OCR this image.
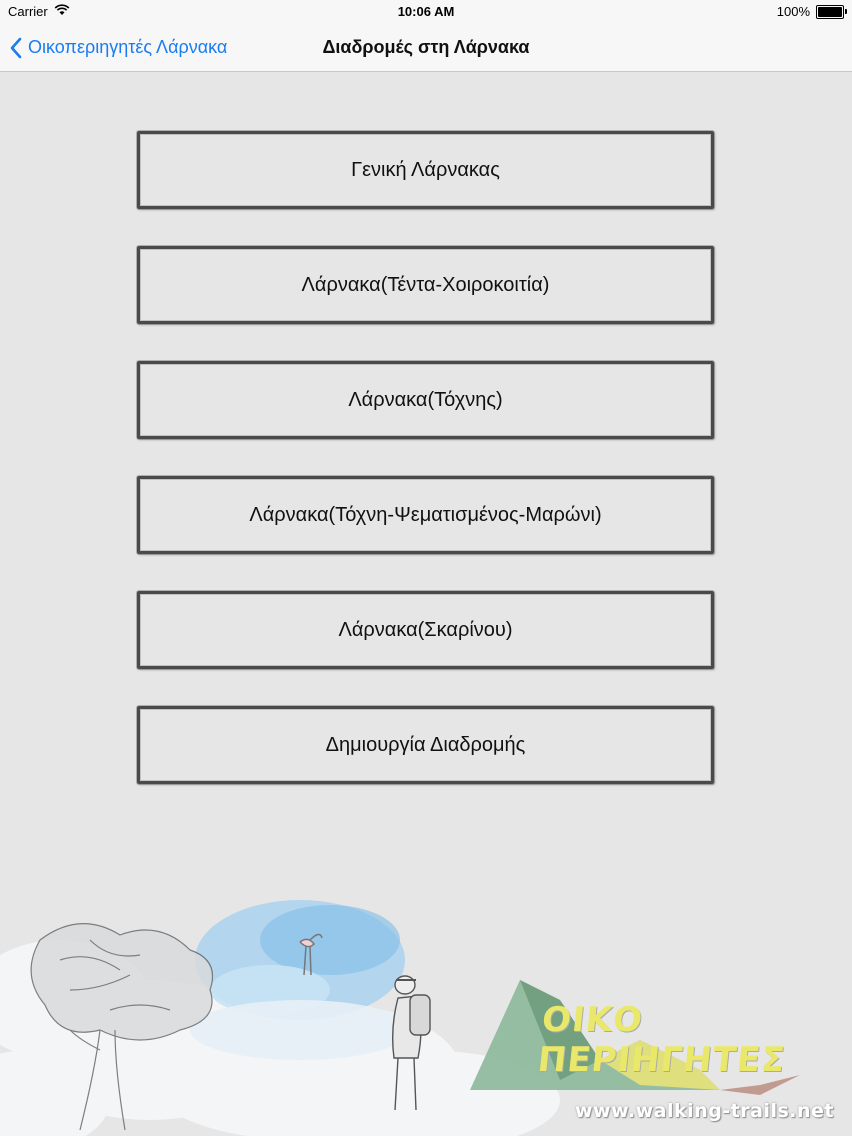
Carrier	10:06 AM	100%
Οικοπεριηγητές Λάρνακα	Διαδρομές στη Λάρνακα
Γενική Λάρνακας
Λάρνακα(Τέντα-Χοιροκοιτία)
Λάρνακα(Τόχνης)
Λάρνακα(Τόχνη-Ψεματισμένος-Μαρώνι)
Λάρνακα(Σκαρίνου)
Δημιουργία Διαδρομής
ΟΙΚΟ ΠΕΡΙΗΓΗΤΕΣ
www.walking-trails.net
